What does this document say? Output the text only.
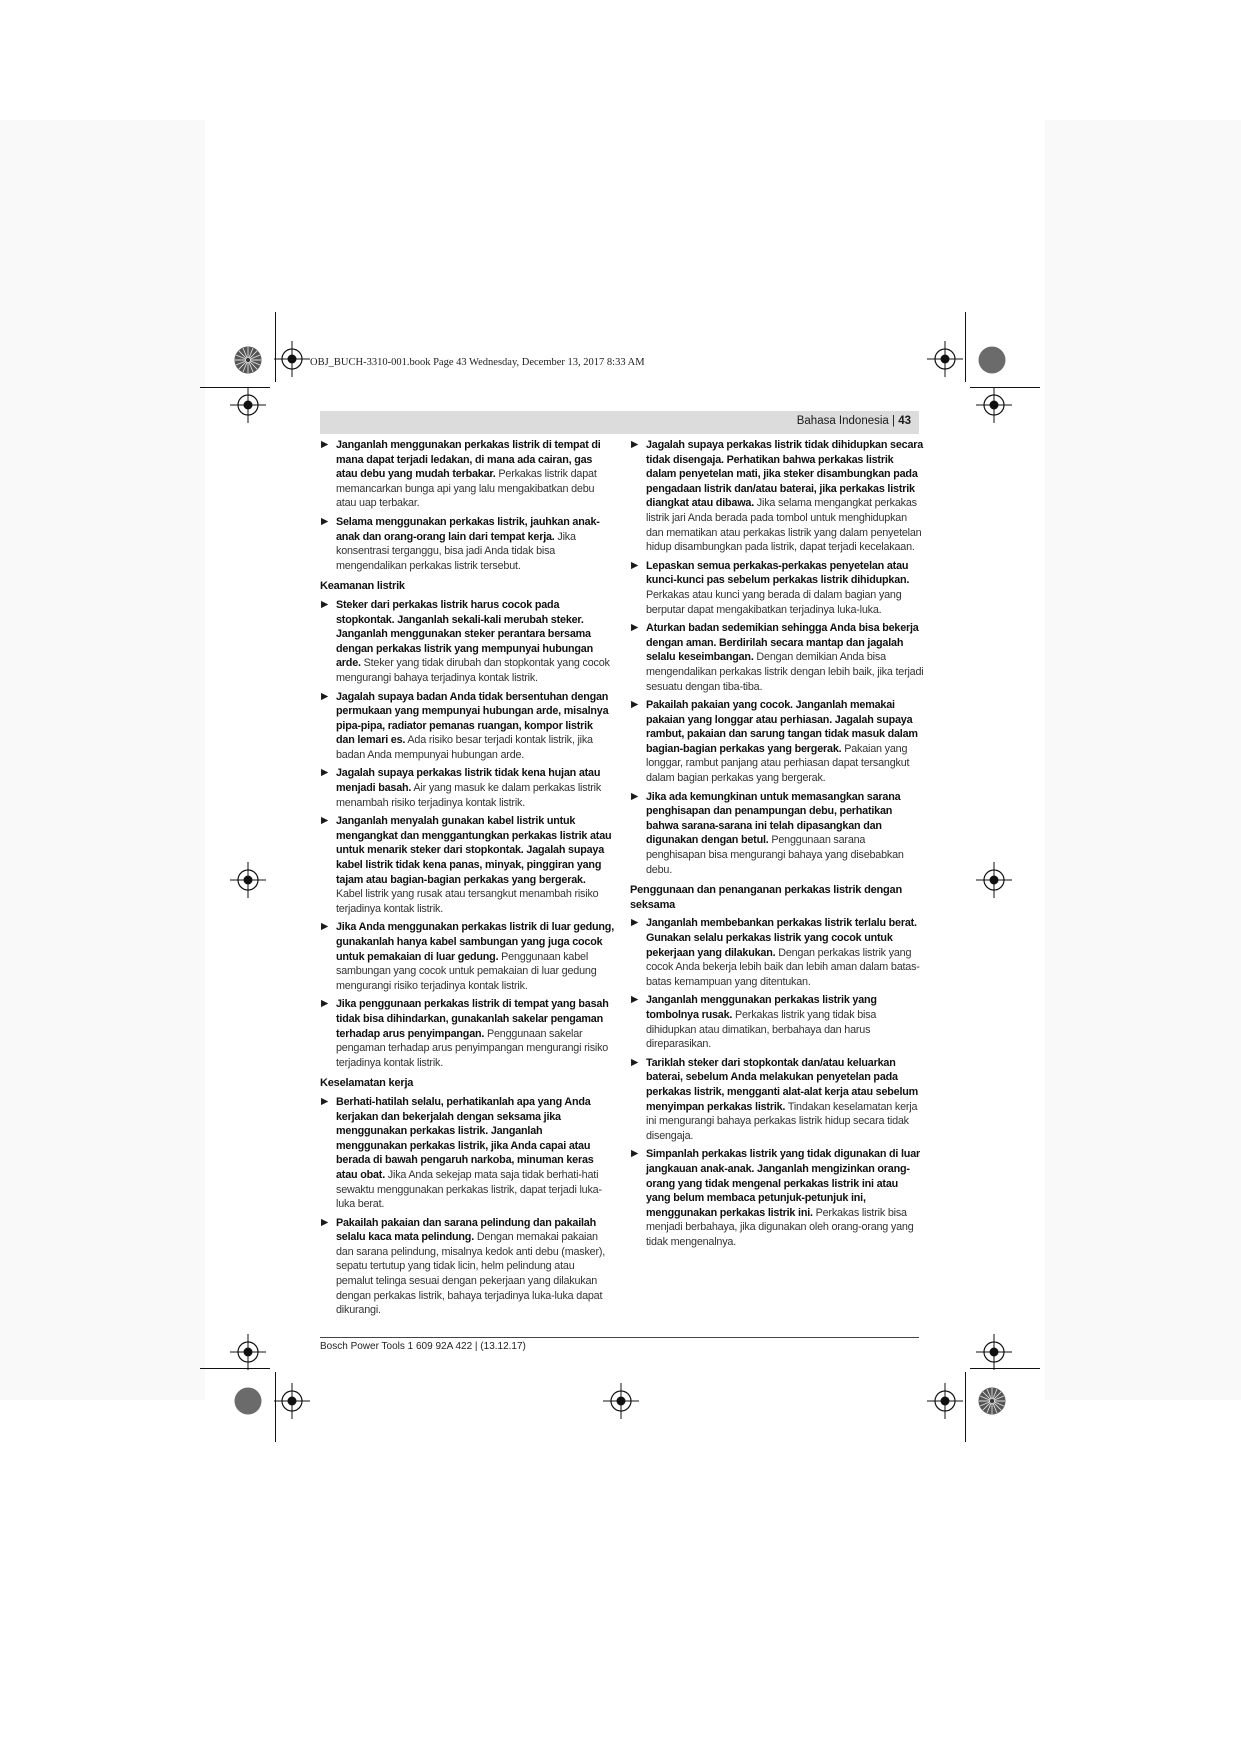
OBJ_BUCH-3310-001.book Page 43 Wednesday, December 13, 2017 8:33 AM
Bahasa Indonesia | 43
▶ Janganlah menggunakan perkakas listrik di tempat di mana dapat terjadi ledakan, di mana ada cairan, gas atau debu yang mudah terbakar. Perkakas listrik dapat memancarkan bunga api yang lalu mengakibatkan debu atau uap terbakar.
▶ Selama menggunakan perkakas listrik, jauhkan anak-anak dan orang-orang lain dari tempat kerja. Jika konsentrasi terganggu, bisa jadi Anda tidak bisa mengendalikan perkakas listrik tersebut.
Keamanan listrik
▶ Steker dari perkakas listrik harus cocok pada stopkontak. Janganlah sekali-kali merubah steker. Janganlah menggunakan steker perantara bersama dengan perkakas listrik yang mempunyai hubungan arde. Steker yang tidak dirubah dan stopkontak yang cocok mengurangi bahaya terjadinya kontak listrik.
▶ Jagalah supaya badan Anda tidak bersentuhan dengan permukaan yang mempunyai hubungan arde, misalnya pipa-pipa, radiator pemanas ruangan, kompor listrik dan lemari es. Ada risiko besar terjadi kontak listrik, jika badan Anda mempunyai hubungan arde.
▶ Jagalah supaya perkakas listrik tidak kena hujan atau menjadi basah. Air yang masuk ke dalam perkakas listrik menambah risiko terjadinya kontak listrik.
▶ Janganlah menyalah gunakan kabel listrik untuk mengangkat dan menggantungkan perkakas listrik atau untuk menarik steker dari stopkontak. Jagalah supaya kabel listrik tidak kena panas, minyak, pinggiran yang tajam atau bagian-bagian perkakas yang bergerak. Kabel listrik yang rusak atau tersangkut menambah risiko terjadinya kontak listrik.
▶ Jika Anda menggunakan perkakas listrik di luar gedung, gunakanlah hanya kabel sambungan yang juga cocok untuk pemakaian di luar gedung. Penggunaan kabel sambungan yang cocok untuk pemakaian di luar gedung mengurangi risiko terjadinya kontak listrik.
▶ Jika penggunaan perkakas listrik di tempat yang basah tidak bisa dihindarkan, gunakanlah sakelar pengaman terhadap arus penyimpangan. Penggunaan sakelar pengaman terhadap arus penyimpangan mengurangi risiko terjadinya kontak listrik.
Keselamatan kerja
▶ Berhati-hatilah selalu, perhatikanlah apa yang Anda kerjakan dan bekerjalah dengan seksama jika menggunakan perkakas listrik. Janganlah menggunakan perkakas listrik, jika Anda capai atau berada di bawah pengaruh narkoba, minuman keras atau obat. Jika Anda sekejap mata saja tidak berhati-hati sewaktu menggunakan perkakas listrik, dapat terjadi luka-luka berat.
▶ Pakailah pakaian dan sarana pelindung dan pakailah selalu kaca mata pelindung. Dengan memakai pakaian dan sarana pelindung, misalnya kedok anti debu (masker), sepatu tertutup yang tidak licin, helm pelindung atau pemalut telinga sesuai dengan pekerjaan yang dilakukan dengan perkakas listrik, bahaya terjadinya luka-luka dapat dikurangi.
▶ Jagalah supaya perkakas listrik tidak dihidupkan secara tidak disengaja. Perhatikan bahwa perkakas listrik dalam penyetelan mati, jika steker disambungkan pada pengadaan listrik dan/atau baterai, jika perkakas listrik diangkat atau dibawa. Jika selama mengangkat perkakas listrik jari Anda berada pada tombol untuk menghidupkan dan mematikan atau perkakas listrik yang dalam penyetelan hidup disambungkan pada listrik, dapat terjadi kecelakaan.
▶ Lepaskan semua perkakas-perkakas penyetelan atau kunci-kunci pas sebelum perkakas listrik dihidupkan. Perkakas atau kunci yang berada di dalam bagian yang berputar dapat mengakibatkan terjadinya luka-luka.
▶ Aturkan badan sedemikian sehingga Anda bisa bekerja dengan aman. Berdirilah secara mantap dan jagalah selalu keseimbangan. Dengan demikian Anda bisa mengendalikan perkakas listrik dengan lebih baik, jika terjadi sesuatu dengan tiba-tiba.
▶ Pakailah pakaian yang cocok. Janganlah memakai pakaian yang longgar atau perhiasan. Jagalah supaya rambut, pakaian dan sarung tangan tidak masuk dalam bagian-bagian perkakas yang bergerak. Pakaian yang longgar, rambut panjang atau perhiasan dapat tersangkut dalam bagian perkakas yang bergerak.
▶ Jika ada kemungkinan untuk memasangkan sarana penghisapan dan penampungan debu, perhatikan bahwa sarana-sarana ini telah dipasangkan dan digunakan dengan betul. Penggunaan sarana penghisapan bisa mengurangi bahaya yang disebabkan debu.
Penggunaan dan penanganan perkakas listrik dengan seksama
▶ Janganlah membebankan perkakas listrik terlalu berat. Gunakan selalu perkakas listrik yang cocok untuk pekerjaan yang dilakukan. Dengan perkakas listrik yang cocok Anda bekerja lebih baik dan lebih aman dalam batas-batas kemampuan yang ditentukan.
▶ Janganlah menggunakan perkakas listrik yang tombolnya rusak. Perkakas listrik yang tidak bisa dihidupkan atau dimatikan, berbahaya dan harus direparasikan.
▶ Tariklah steker dari stopkontak dan/atau keluarkan baterai, sebelum Anda melakukan penyetelan pada perkakas listrik, mengganti alat-alat kerja atau sebelum menyimpan perkakas listrik. Tindakan keselamatan kerja ini mengurangi bahaya perkakas listrik hidup secara tidak disengaja.
▶ Simpanlah perkakas listrik yang tidak digunakan di luar jangkauan anak-anak. Janganlah mengizinkan orang-orang yang tidak mengenal perkakas listrik ini atau yang belum membaca petunjuk-petunjuk ini, menggunakan perkakas listrik ini. Perkakas listrik bisa menjadi berbahaya, jika digunakan oleh orang-orang yang tidak mengenalnya.
Bosch Power Tools 1 609 92A 422 | (13.12.17)
